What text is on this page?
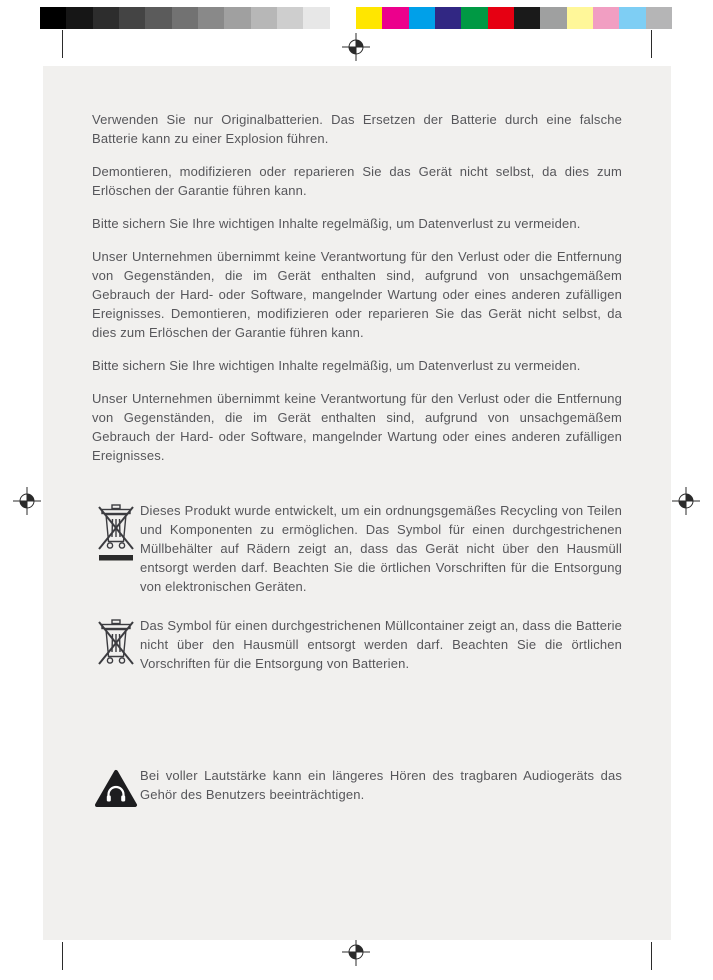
Verwenden Sie nur Originalbatterien. Das Ersetzen der Batterie durch eine falsche Batterie kann zu einer Explosion führen.

Demontieren, modifizieren oder reparieren Sie das Gerät nicht selbst, da dies zum Erlöschen der Garantie führen kann.

Bitte sichern Sie Ihre wichtigen Inhalte regelmäßig, um Datenverlust zu vermeiden.

Unser Unternehmen übernimmt keine Verantwortung für den Verlust oder die Entfernung von Gegenständen, die im Gerät enthalten sind, aufgrund von unsachgemäßem Gebrauch der Hard- oder Software, mangelnder Wartung oder eines anderen zufälligen Ereignisses. Demontieren, modifizieren oder reparieren Sie das Gerät nicht selbst, da dies zum Erlöschen der Garantie führen kann.

Bitte sichern Sie Ihre wichtigen Inhalte regelmäßig, um Datenverlust zu vermeiden.

Unser Unternehmen übernimmt keine Verantwortung für den Verlust oder die Entfernung von Gegenständen, die im Gerät enthalten sind, aufgrund von unsachgemäßem Gebrauch der Hard- oder Software, mangelnder Wartung oder eines anderen zufälligen Ereignisses.

Dieses Produkt wurde entwickelt, um ein ordnungsgemäßes Recycling von Teilen und Komponenten zu ermöglichen. Das Symbol für einen durchgestrichenen Müllbehälter auf Rädern zeigt an, dass das Gerät nicht über den Hausmüll entsorgt werden darf. Beachten Sie die örtlichen Vorschriften für die Entsorgung von elektronischen Geräten.

Das Symbol für einen durchgestrichenen Müllcontainer zeigt an, dass die Batterie nicht über den Hausmüll entsorgt werden darf. Beachten Sie die örtlichen Vorschriften für die Entsorgung von Batterien.

Bei voller Lautstärke kann ein längeres Hören des tragbaren Audiogeräts das Gehör des Benutzers beeinträchtigen.
